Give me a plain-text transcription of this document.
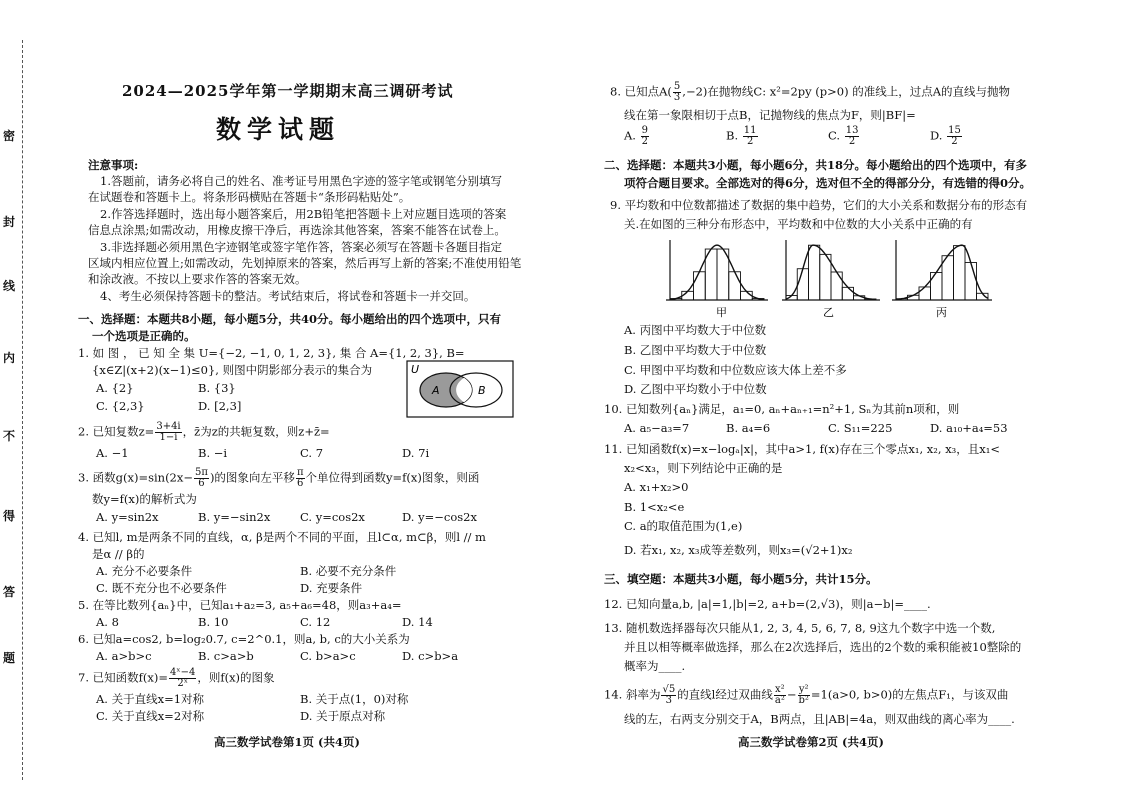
密
封
线
内
不
得
答
题
2024—2025学年第一学期期末高三调研考试
数学试题
注意事项:
1.答题前，请务必将自己的姓名、准考证号用黑色字迹的签字笔或钢笔分别填写
在试题卷和答题卡上。将条形码横贴在答题卡“条形码粘贴处”。
2.作答选择题时，选出每小题答案后，用2B铅笔把答题卡上对应题目选项的答案
信息点涂黑;如需改动，用橡皮擦干净后，再选涂其他答案，答案不能答在试卷上。
3.非选择题必须用黑色字迹钢笔或签字笔作答，答案必须写在答题卡各题目指定
区域内相应位置上;如需改动，先划掉原来的答案，然后再写上新的答案;不准使用铅笔
和涂改液。不按以上要求作答的答案无效。
4、考生必须保持答题卡的整洁。考试结束后，将试卷和答题卡一并交回。
一、选择题：本题共8小题，每小题5分，共40分。每小题给出的四个选项中，只有
一个选项是正确的。
1. 如 图 ， 已 知 全 集 U={−2, −1, 0, 1, 2, 3}, 集 合 A={1, 2, 3}, B=
{x∈Z|(x+2)(x−1)≤0}, 则图中阴影部分表示的集合为
A. {2}	B. {3}
C. {2,3}	D. [2,3]
U
A	B
2. 已知复数$z= \frac{3+4i}{1-i}$ ，z̄为z的共轭复数，则z+z̄=
A. −1	B. −i	C. 7	D. 7i
3. 函数$g(x)=\sin(2x- \frac{5\pi}{6}$ )的图象向左平移 $\frac{\pi}{6}$ 个单位得到函数y=f(x)图象，则函
数y=f(x)的解析式为
A. y=sin2x	B. y=−sin2x	C. y=cos2x	D. y=−cos2x
4. 已知l, m是两条不同的直线，α, β是两个不同的平面，且l⊂α, m⊂β，则l // m
是α // β的
A. 充分不必要条件	B. 必要不充分条件
C. 既不充分也不必要条件	D. 充要条件
5. 在等比数列{aₙ}中，已知a₁+a₂=3, a₅+a₆=48，则a₃+a₄=
A. 8	B. 10	C. 12	D. 14
6. 已知a=cos2, b=log₂0.7, c=2^0.1，则a, b, c的大小关系为
A. a>b>c	B. c>a>b	C. b>a>c	D. c>b>a
7. 已知函数$f(x)= \frac{\text{4ˣ−4}}{\text{2ˣ}}$ ，则f(x)的图象
A. 关于直线x=1对称	B. 关于点(1，0)对称
C. 关于直线x=2对称	D. 关于原点对称
高三数学试卷第1页 (共4页)
8. 已知点$A( \frac{5}{3} ,-2)$在抛物线C: x²=2py (p>0) 的准线上，过点A的直线与抛物
线在第一象限相切于点B，记抛物线的焦点为F，则|BF|=
A. $\frac{9}{2}$	B. $\frac{11}{2}$	C. $\frac{13}{2}$	D. $\frac{15}{2}$
二、选择题：本题共3小题，每小题6分，共18分。每小题给出的四个选项中，有多
项符合题目要求。全部选对的得6分，选对但不全的得部分分，有选错的得0分。
9. 平均数和中位数都描述了数据的集中趋势，它们的大小关系和数据分布的形态有
关.在如图的三种分布形态中，平均数和中位数的大小关系中正确的有
甲	乙	丙
A. 丙图中平均数大于中位数
B. 乙图中平均数大于中位数
C. 甲图中平均数和中位数应该大体上差不多
D. 乙图中平均数小于中位数
10. 已知数列{aₙ}满足，a₁=0, aₙ+aₙ₊₁=n²+1, Sₙ为其前n项和，则
A. a₅−a₃=7	B. a₄=6	C. S₁₁=225	D. a₁₀+a₄=53
11. 已知函数f(x)=x−logₐ|x|，其中a>1, f(x)存在三个零点x₁, x₂, x₃，且x₁<
x₂<x₃，则下列结论中正确的是
A. x₁+x₂>0
B. 1<x₂<e
C. a的取值范围为(1,e)
D. 若x₁, x₂, x₃成等差数列，则x₃=(√2+1)x₂
三、填空题：本题共3小题，每小题5分，共计15分。
12. 已知向量a,b, |a|=1,|b|=2, a+b=(2,√3)，则|a−b|=____.
13. 随机数选择器每次只能从1, 2, 3, 4, 5, 6, 7, 8, 9这九个数字中选一个数,
并且以相等概率做选择，那么在2次选择后，选出的2个数的乘积能被10整除的
概率为____.
14. 斜率为 $\frac{√5}{3}$ 的直线l经过双曲线 $\frac{\text{x²}}{\text{a²}} - \frac{\text{y²}}{\text{b²}} =1(a>0$, b>0)的左焦点F₁，与该双曲
线的左，右两支分别交于A，B两点，且|AB|=4a，则双曲线的离心率为____.
高三数学试卷第2页 (共4页)
